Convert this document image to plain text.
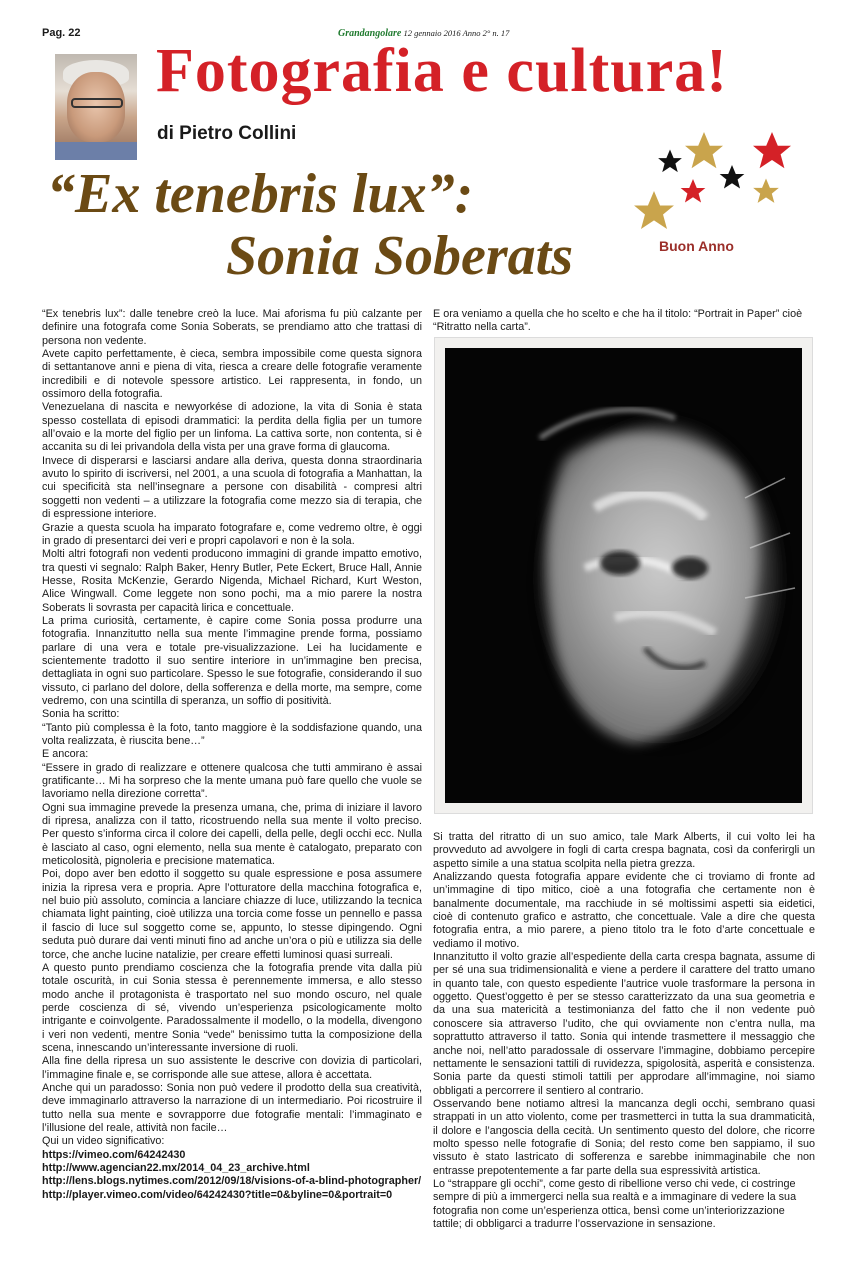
Pag. 22	Grandangolare 12 gennaio 2016 Anno 2° n. 17
Fotografia e cultura!
di Pietro Collini
“Ex tenebris lux”:
Sonia Soberats	Buon Anno

“Ex tenebris lux”: dalle tenebre creò la luce. Mai aforisma fu più calzante per definire una fotografa come Sonia Soberats, se prendiamo atto che trattasi di persona non vedente.

Avete capito perfettamente, è cieca, sembra impossibile come questa signora di settantanove anni e piena di vita, riesca a creare delle fotografie veramente incredibili e di notevole spessore artistico. Lei rappresenta, in fondo, un ossimoro della fotografia.

Venezuelana di nascita e newyorkése di adozione, la vita di Sonia è stata spesso costellata di episodi drammatici: la perdita della figlia per un tumore all’ovaio e la morte del figlio per un linfoma. La cattiva sorte, non contenta, si è accanita su di lei privandola della vista per una grave forma di glaucoma.

Invece di disperarsi e lasciarsi andare alla deriva, questa donna straordinaria avuto lo spirito di iscriversi, nel 2001, a una scuola di fotografia a Manhattan, la cui specificità sta nell’insegnare a persone con disabilità - compresi altri soggetti non vedenti – a utilizzare la fotografia come mezzo sia di terapia, che di espressione interiore.

Grazie a questa scuola ha imparato fotografare e, come vedremo oltre, è oggi in grado di presentarci dei veri e propri capolavori e non è la sola.

Molti altri fotografi non vedenti producono immagini di grande impatto emotivo, tra questi vi segnalo: Ralph Baker, Henry Butler, Pete Eckert, Bruce Hall, Annie Hesse, Rosita McKenzie, Gerardo Nigenda, Michael Richard, Kurt Weston, Alice Wingwall. Come leggete non sono pochi, ma a mio parere la nostra Soberats li sovrasta per capacità lirica e concettuale.

La prima curiosità, certamente, è capire come Sonia possa produrre una fotografia. Innanzitutto nella sua mente l’immagine prende forma, possiamo parlare di una vera e totale pre-visualizzazione. Lei ha lucidamente e scientemente tradotto il suo sentire interiore in un’immagine ben precisa, dettagliata in ogni suo particolare. Spesso le sue fotografie, considerando il suo vissuto, ci parlano del dolore, della sofferenza e della morte, ma sempre, come vedremo, con una scintilla di speranza, un soffio di positività.

Sonia ha scritto:

“Tanto più complessa è la foto, tanto maggiore è la soddisfazione quando, una volta realizzata, è riuscita bene…”

E ancora:

“Essere in grado di realizzare e ottenere qualcosa che tutti ammirano è assai gratificante… Mi ha sorpreso che la mente umana può fare quello che vuole se lavoriamo nella direzione corretta”.

Ogni sua immagine prevede la presenza umana, che, prima di iniziare il lavoro di ripresa, analizza con il tatto, ricostruendo nella sua mente il volto preciso. Per questo s’informa circa il colore dei capelli, della pelle, degli occhi ecc. Nulla è lasciato al caso, ogni elemento, nella sua mente è catalogato, preparato con meticolosità, pignoleria e precisione matematica.

Poi, dopo aver ben edotto il soggetto su quale espressione e posa assumere inizia la ripresa vera e propria. Apre l’otturatore della macchina fotografica e, nel buio più assoluto, comincia a lanciare chiazze di luce, utilizzando la tecnica chiamata light painting, cioè utilizza una torcia come fosse un pennello e passa il fascio di luce sul soggetto come se, appunto, lo stesse dipingendo. Ogni seduta può durare dai venti minuti fino ad anche un’ora o più e utilizza sia delle torce, che anche lucine natalizie, per creare effetti luminosi quasi surreali.

A questo punto prendiamo coscienza che la fotografia prende vita dalla più totale oscurità, in cui Sonia stessa è perennemente immersa, e allo stesso modo anche il protagonista è trasportato nel suo mondo oscuro, nel quale perde coscienza di sé, vivendo un’esperienza psicologicamente molto intrigante e coinvolgente. Paradossalmente il modello, o la modella, divengono i veri non vedenti, mentre Sonia “vede” benissimo tutta la composizione della scena, innescando un’interessante inversione di ruoli.

Alla fine della ripresa un suo assistente le descrive con dovizia di particolari, l’immagine finale e, se corrisponde alle sue attese, allora è accettata.

Anche qui un paradosso: Sonia non può vedere il prodotto della sua creatività, deve immaginarlo attraverso la narrazione di un intermediario. Poi ricostruire il tutto nella sua mente e sovrapporre due fotografie mentali: l’immaginato e l’illusione del reale, attività non facile…

Qui un video significativo:

https://vimeo.com/64242430

http://www.agencian22.mx/2014_04_23_archive.html

http://lens.blogs.nytimes.com/2012/09/18/visions-of-a-blind-photographer/

http://player.vimeo.com/video/64242430?title=0&byline=0&portrait=0

E ora veniamo a quella che ho scelto e che ha il titolo: “Portrait in Paper” cioè “Ritratto nella carta”.

Si tratta del ritratto di un suo amico, tale Mark Alberts, il cui volto lei ha provveduto ad avvolgere in fogli di carta crespa bagnata, così da conferirgli un aspetto simile a una statua scolpita nella pietra grezza.

Analizzando questa fotografia appare evidente che ci troviamo di fronte ad un’immagine di tipo mitico, cioè a una fotografia che certamente non è banalmente documentale, ma racchiude in sé moltissimi aspetti sia eidetici, cioè di contenuto grafico e astratto, che concettuale. Vale a dire che questa fotografia entra, a mio parere, a pieno titolo tra le foto d’arte concettuale e vediamo il motivo.

Innanzitutto il volto grazie all’espediente della carta crespa bagnata, assume di per sé una sua tridimensionalità e viene a perdere il carattere del tratto umano in quanto tale, con questo espediente l’autrice vuole trasformare la persona in oggetto. Quest’oggetto è per se stesso caratterizzato da una sua geometria e da una sua matericità a testimonianza del fatto che il non vedente può conoscere sia attraverso l’udito, che qui ovviamente non c’entra nulla, ma soprattutto attraverso il tatto. Sonia qui intende trasmettere il messaggio che anche noi, nell’atto paradossale di osservare l’immagine, dobbiamo percepire nettamente le sensazioni tattili di ruvidezza, spigolosità, asperità e consistenza. Sonia parte da questi stimoli tattili per approdare all’immagine, noi siamo obbligati a percorrere il sentiero al contrario.

Osservando bene notiamo altresì la mancanza degli occhi, sembrano quasi strappati in un atto violento, come per trasmetterci in tutta la sua drammaticità, il dolore e l’angoscia della cecità. Un sentimento questo del dolore, che ricorre molto spesso nelle fotografie di Sonia; del resto come ben sappiamo, il suo vissuto è stato lastricato di sofferenza e sarebbe inimmaginabile che non entrasse prepotentemente a far parte della sua espressività artistica.

Lo “strappare gli occhi”, come gesto di ribellione verso chi vede, ci costringe sempre di più a immergerci nella sua realtà e a immaginare di vedere la sua fotografia non come un’esperienza ottica, bensì come un’interiorizzazione tattile; di obbligarci a tradurre l’osservazione in sensazione.
